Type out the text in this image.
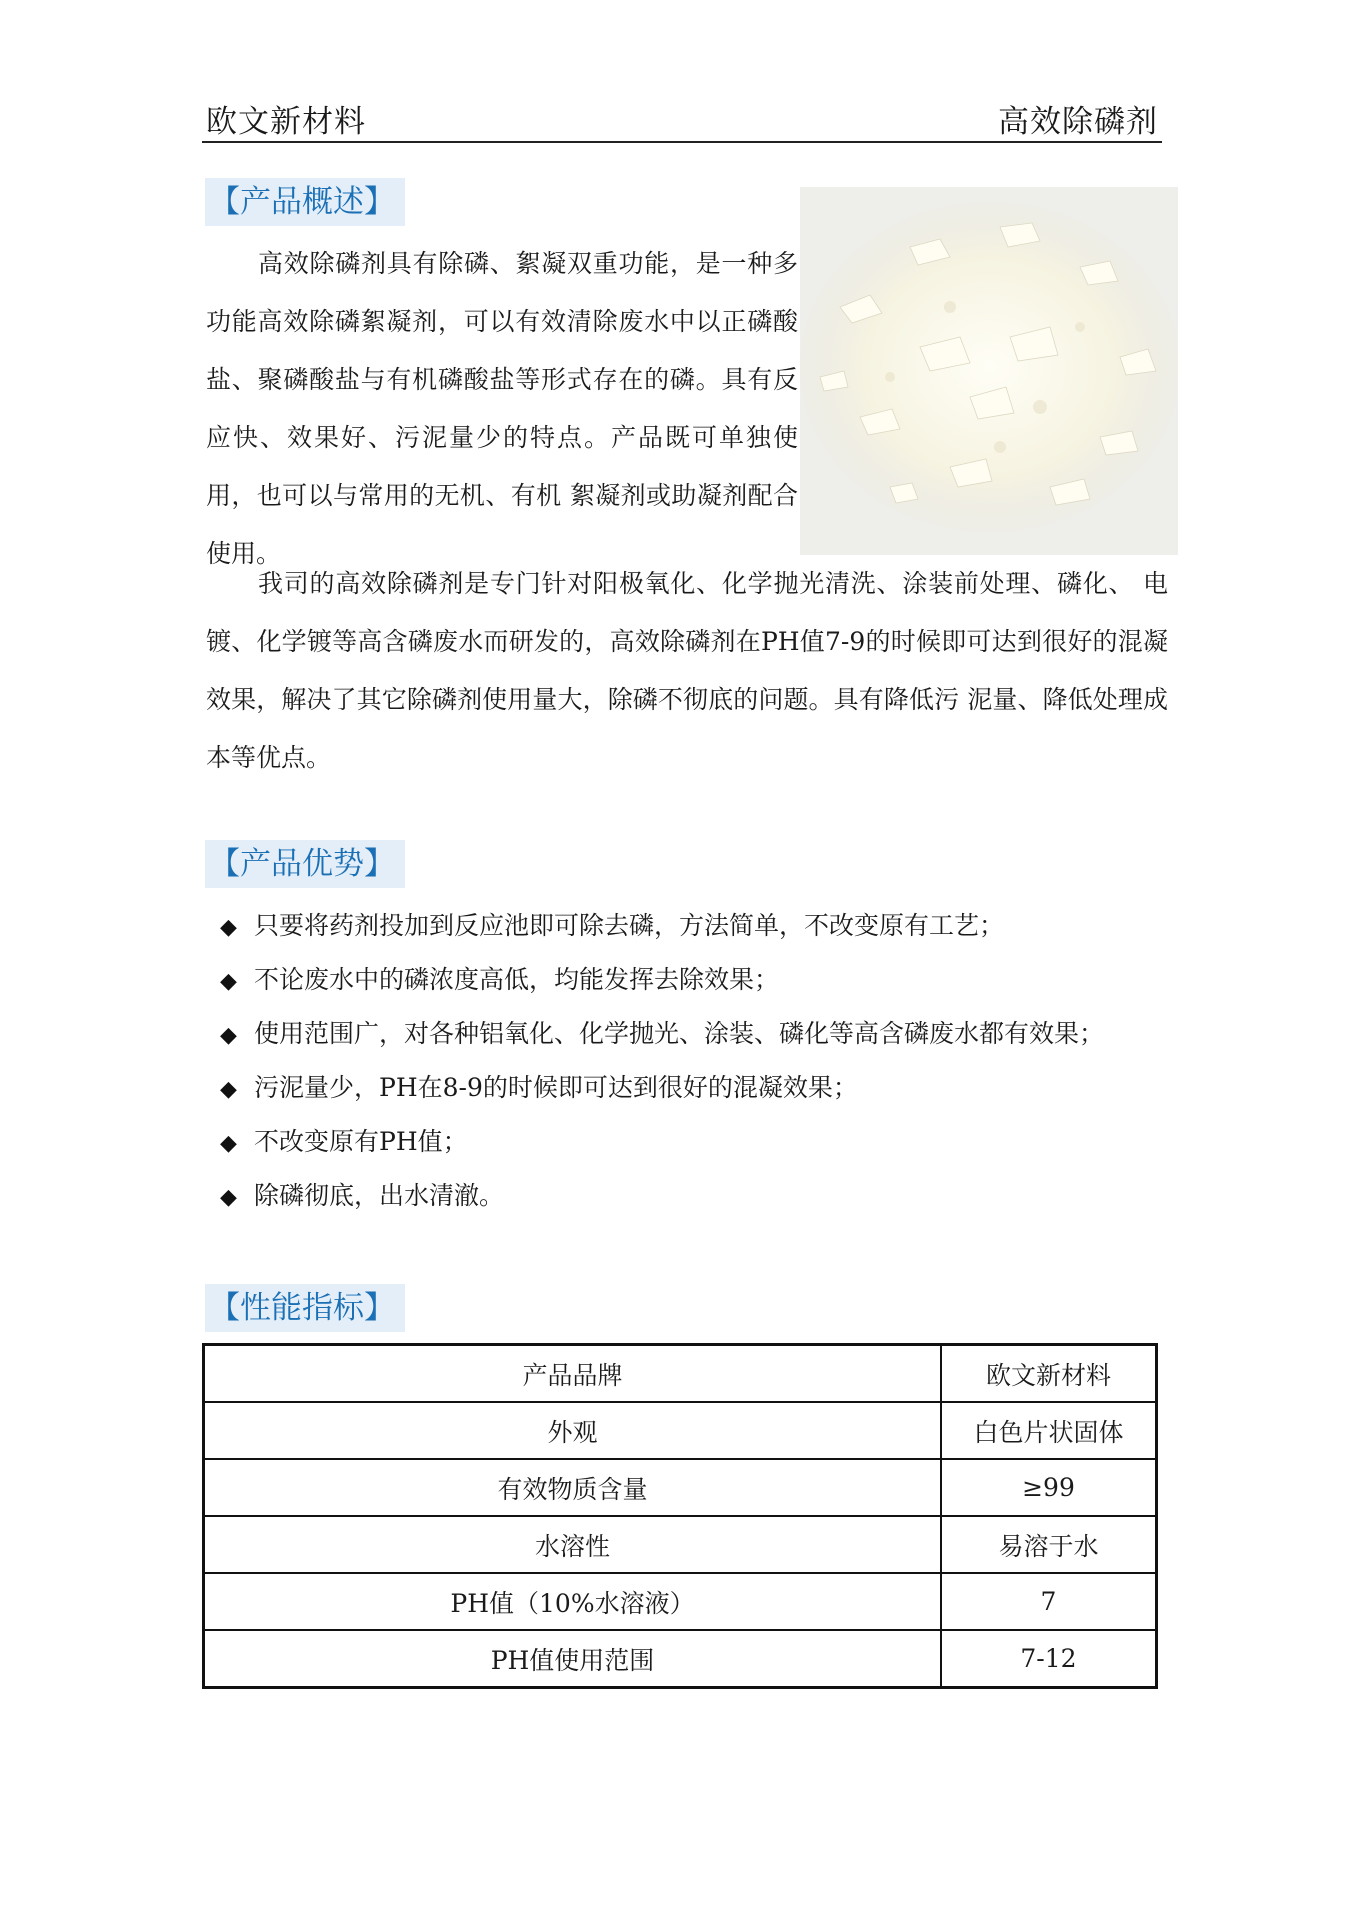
欧文新材料	高效除磷剂
【产品概述】

高效除磷剂具有除磷、絮凝双重功能，是一种多功能高效除磷絮凝剂，可以有效清除废水中以正磷酸盐、聚磷酸盐与有机磷酸盐等形式存在的磷。具有反应快、效果好、污泥量少的特点。产品既可单独使用，也可以与常用的无机、有机 絮凝剂或助凝剂配合使用。

我司的高效除磷剂是专门针对阳极氧化、化学抛光清洗、涂装前处理、磷化、 电镀、化学镀等高含磷废水而研发的，高效除磷剂在PH值7-9的时候即可达到很好的混凝效果，解决了其它除磷剂使用量大，除磷不彻底的问题。具有降低污 泥量、降低处理成本等优点。

【产品优势】
◆ 只要将药剂投加到反应池即可除去磷，方法简单，不改变原有工艺；
◆ 不论废水中的磷浓度高低，均能发挥去除效果；
◆ 使用范围广，对各种铝氧化、化学抛光、涂装、磷化等高含磷废水都有效果；
◆ 污泥量少，PH在8-9的时候即可达到很好的混凝效果；
◆ 不改变原有PH值；
◆ 除磷彻底，出水清澈。
【性能指标】
产品品牌	欧文新材料
外观	白色片状固体
有效物质含量	≥99
水溶性	易溶于水
PH值（10%水溶液）	7
PH值使用范围	7-12
